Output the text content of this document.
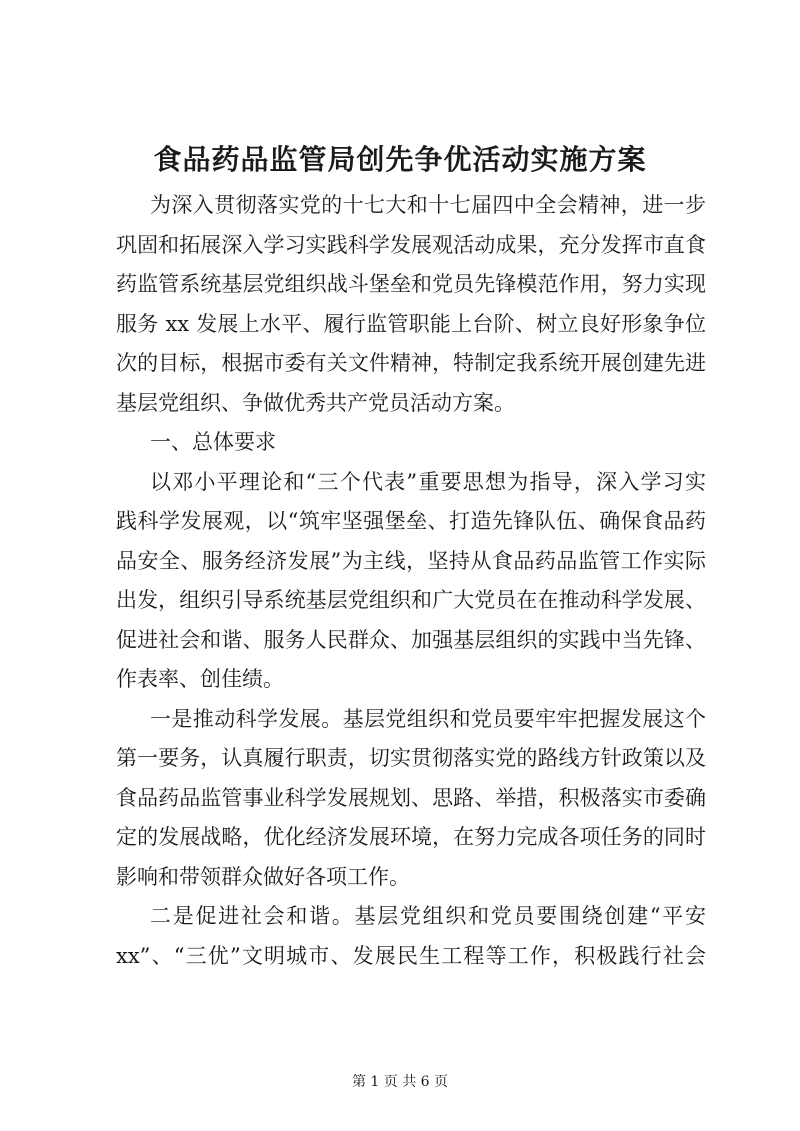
食品药品监管局创先争优活动实施方案
为深入贯彻落实党的十七大和十七届四中全会精神，进一步
巩固和拓展深入学习实践科学发展观活动成果，充分发挥市直食
药监管系统基层党组织战斗堡垒和党员先锋模范作用，努力实现
服务 xx 发展上水平、履行监管职能上台阶、树立良好形象争位
次的目标，根据市委有关文件精神，特制定我系统开展创建先进
基层党组织、争做优秀共产党员活动方案。
一、总体要求
以邓小平理论和“三个代表”重要思想为指导，深入学习实
践科学发展观，以“筑牢坚强堡垒、打造先锋队伍、确保食品药
品安全、服务经济发展”为主线，坚持从食品药品监管工作实际
出发，组织引导系统基层党组织和广大党员在在推动科学发展、
促进社会和谐、服务人民群众、加强基层组织的实践中当先锋、
作表率、创佳绩。
一是推动科学发展。基层党组织和党员要牢牢把握发展这个
第一要务，认真履行职责，切实贯彻落实党的路线方针政策以及
食品药品监管事业科学发展规划、思路、举措，积极落实市委确
定的发展战略，优化经济发展环境，在努力完成各项任务的同时
影响和带领群众做好各项工作。
二是促进社会和谐。基层党组织和党员要围绕创建“平安
xx”、“三优”文明城市、发展民生工程等工作，积极践行社会
第 1 页 共 6 页
